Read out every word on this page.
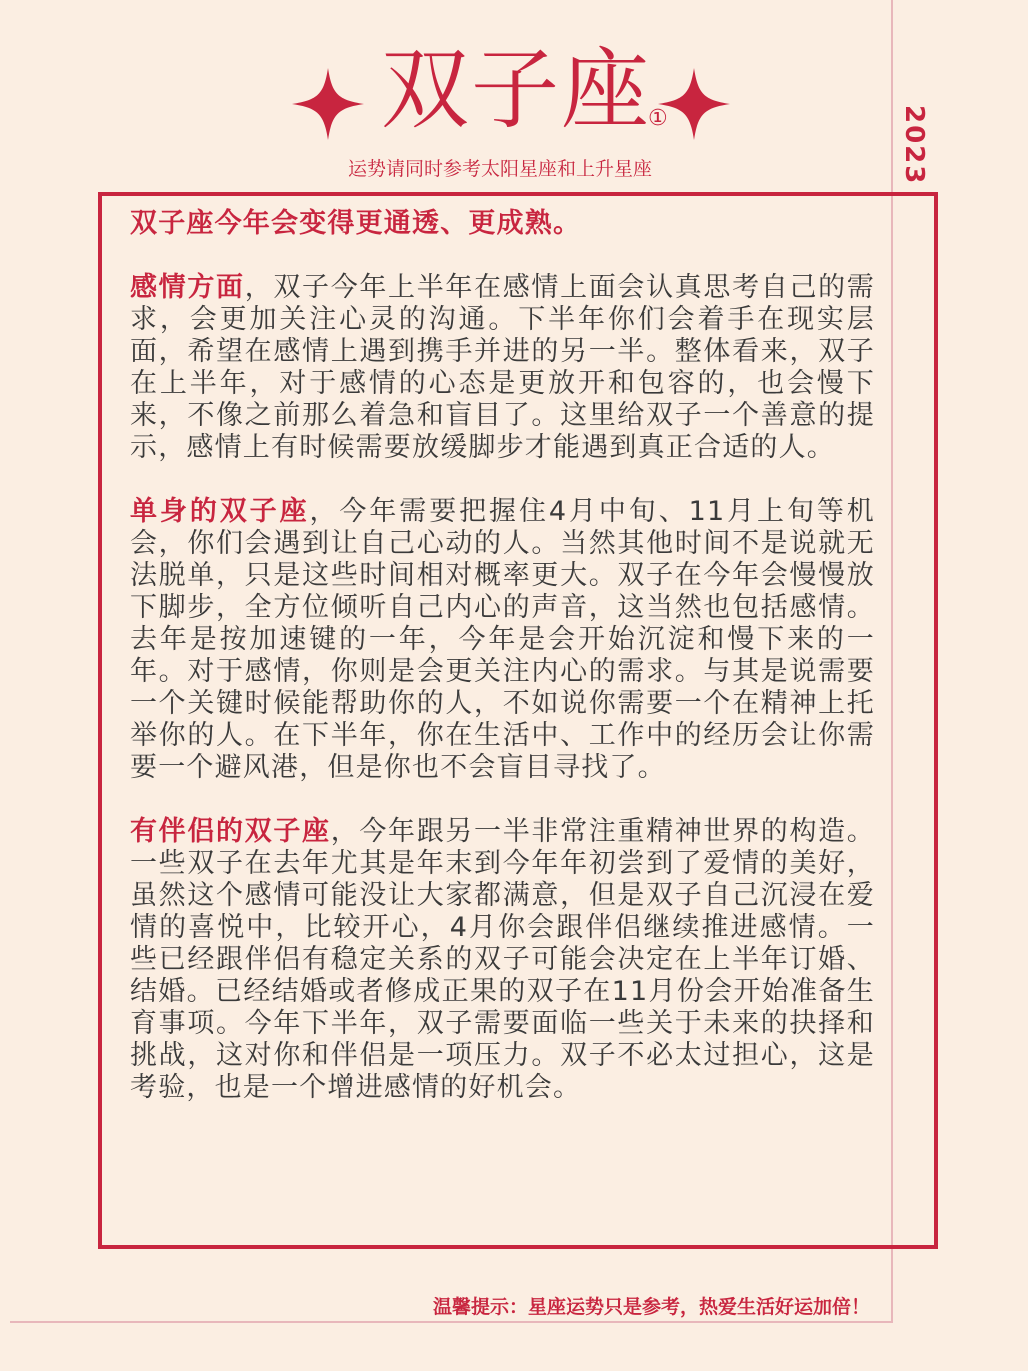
2023
双子座
①
运势请同时参考太阳星座和上升星座

双子座今年会变得更通透、更成熟。

感情方面，双子今年上半年在感情上面会认真思考自己的需求，会更加关注心灵的沟通。下半年你们会着手在现实层面，希望在感情上遇到携手并进的另一半。整体看来，双子在上半年，对于感情的心态是更放开和包容的，也会慢下来，不像之前那么着急和盲目了。这里给双子一个善意的提示，感情上有时候需要放缓脚步才能遇到真正合适的人。

单身的双子座，今年需要把握住4月中旬、11月上旬等机会，你们会遇到让自己心动的人。当然其他时间不是说就无法脱单，只是这些时间相对概率更大。双子在今年会慢慢放下脚步，全方位倾听自己内心的声音，这当然也包括感情。去年是按加速键的一年，今年是会开始沉淀和慢下来的一年。对于感情，你则是会更关注内心的需求。与其是说需要一个关键时候能帮助你的人，不如说你需要一个在精神上托举你的人。在下半年，你在生活中、工作中的经历会让你需要一个避风港，但是你也不会盲目寻找了。

有伴侣的双子座，今年跟另一半非常注重精神世界的构造。一些双子在去年尤其是年末到今年年初尝到了爱情的美好，虽然这个感情可能没让大家都满意，但是双子自己沉浸在爱情的喜悦中，比较开心，4月你会跟伴侣继续推进感情。一些已经跟伴侣有稳定关系的双子可能会决定在上半年订婚、结婚。已经结婚或者修成正果的双子在11月份会开始准备生育事项。今年下半年，双子需要面临一些关于未来的抉择和挑战，这对你和伴侣是一项压力。双子不必太过担心，这是考验，也是一个增进感情的好机会。

温馨提示：星座运势只是参考，热爱生活好运加倍！
